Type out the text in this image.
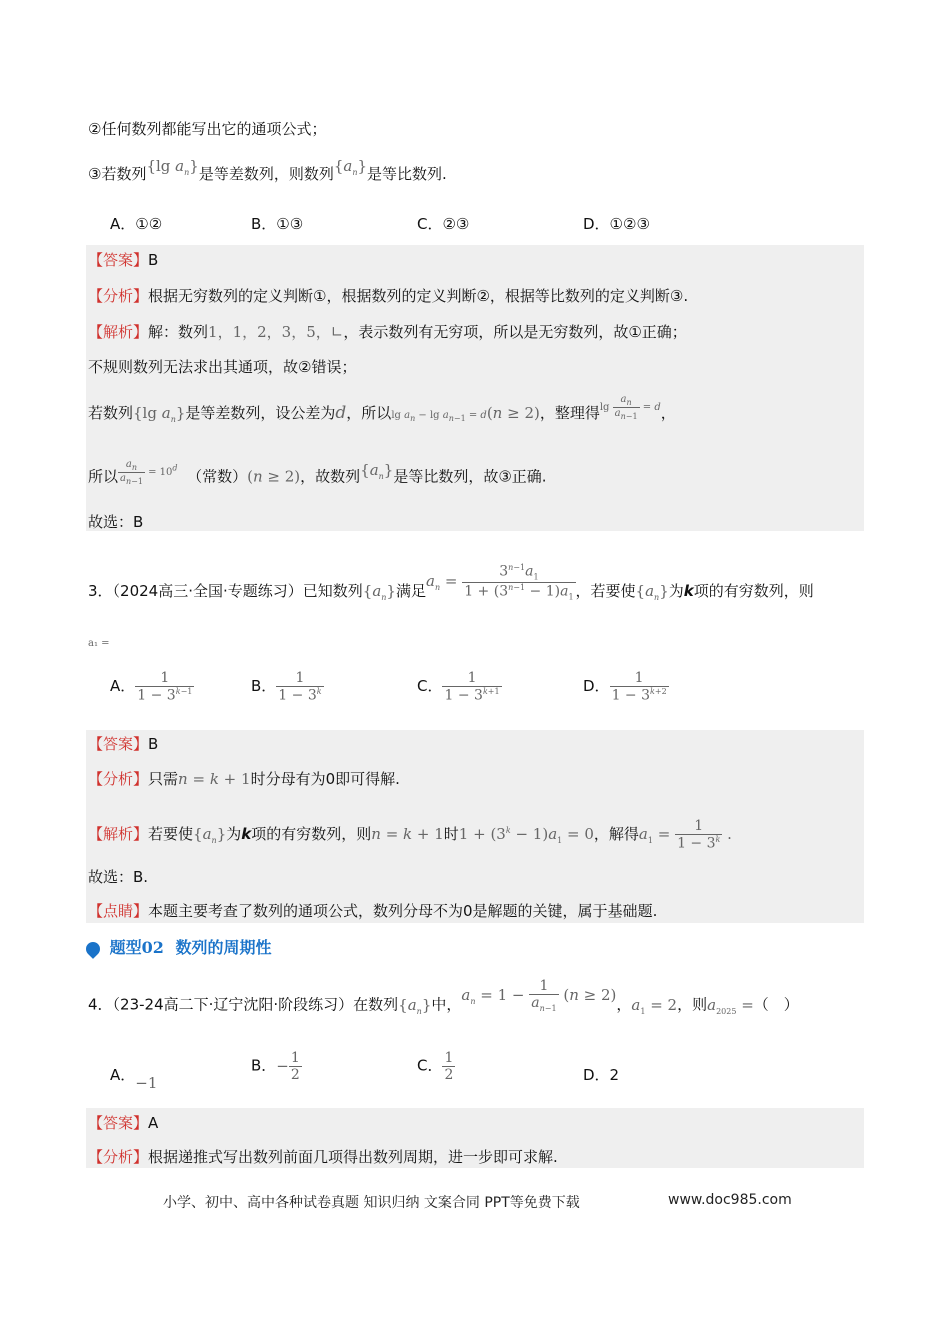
②任何数列都能写出它的通项公式；
③若数列{lg $a_n$}是等差数列，则数列$\{a_n\}$是等比数列.
A．①②	B．①③	C．②③	D．①②③
【答案】B
【分析】根据无穷数列的定义判断①，根据数列的定义判断②，根据等比数列的定义判断③.
【解析】解：数列1，1，2，3，5，∟，表示数列有无穷项，所以是无穷数列，故①正确；
不规则数列无法求出其通项，故②错误；
若数列{lg $a_n$}是等差数列，设公差为d，所以$\lg a_n - \lg a_{n-1} = d(n \ge 2)$，整理得$^{lg \frac{a_n}{a_{n-1}} = d}$，
所以 $^{\frac{a_n}{a_{n-1}} = 10^d}$ （常数）(n ≥ 2)，故数列$\{a_n\}$是等比数列，故③正确.
故选：B
3．（2024高三·全国·专题练习）已知数列$\{a_n\}$满足$a_n = \frac{3^{n-1}a_1}{1 + (3^{n-1} - 1)a_1}$ ，若要使$\{a_n\}$为k项的有穷数列，则
a₁ =
A． $\frac{1}{1 - 3^{k-1}}$	B． $\frac{1}{1 - 3^k}$	C． $\frac{1}{1 - 3^{k+1}}$	D． $\frac{1}{1 - 3^{k+2}}$
【答案】B
【分析】只需n = k + 1时分母有为0即可得解.
【解析】若要使$\{a_n\}$为k项的有穷数列，则n = k + 1时$1 + (3^k - 1)a_1 = 0$，解得$a_1 = \frac{1}{1 - 3^k}$ .
故选：B.
【点睛】本题主要考查了数列的通项公式，数列分母不为0是解题的关键，属于基础题.
题型02 数列的周期性
4．（23-24高二下·辽宁沈阳·阶段练习）在数列$\{a_n\}$中，$a_n = 1 - \frac{1}{a_{n-1}} (n \ge 2)$，$a_1 = 2$，则$a_{2025}$ =（　）
A．−1
B．− $\frac{1}{2}$	C． $\frac{1}{2}$	D．2
【答案】A
【分析】根据递推式写出数列前面几项得出数列周期，进一步即可求解.
小学、初中、高中各种试卷真题 知识归纳 文案合同 PPT等免费下载	www.doc985.com
